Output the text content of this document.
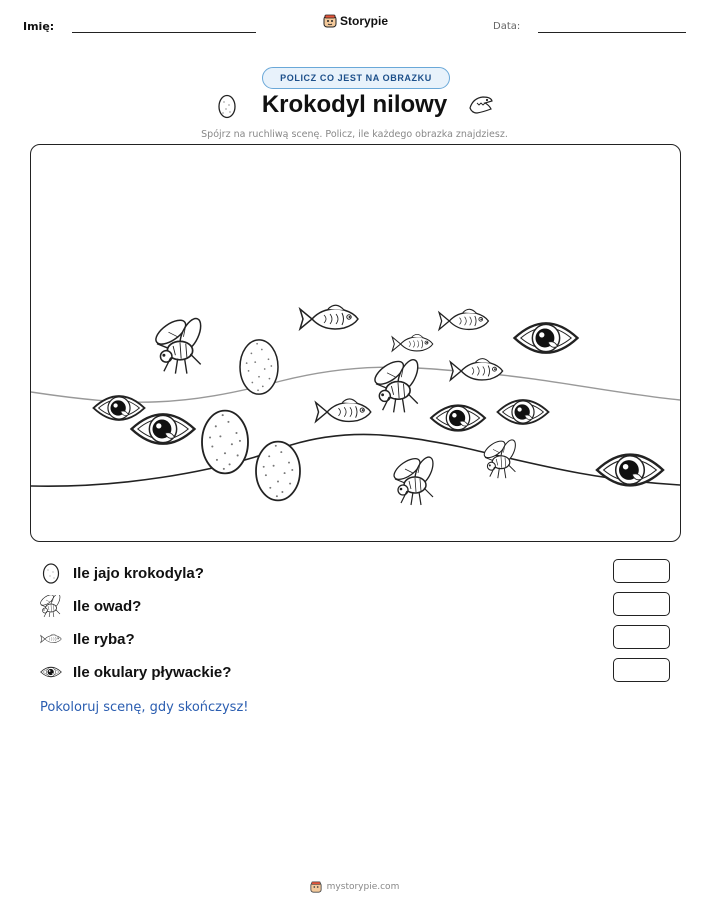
Imię:	Storypie	Data:
POLICZ CO JEST NA OBRAZKU
Krokodyl nilowy
Spójrz na ruchliwą scenę. Policz, ile każdego obrazka znajdziesz.
Ile jajo krokodyla?
Ile owad?
Ile ryba?
Ile okulary pływackie?
Pokoloruj scenę, gdy skończysz!
mystorypie.com
